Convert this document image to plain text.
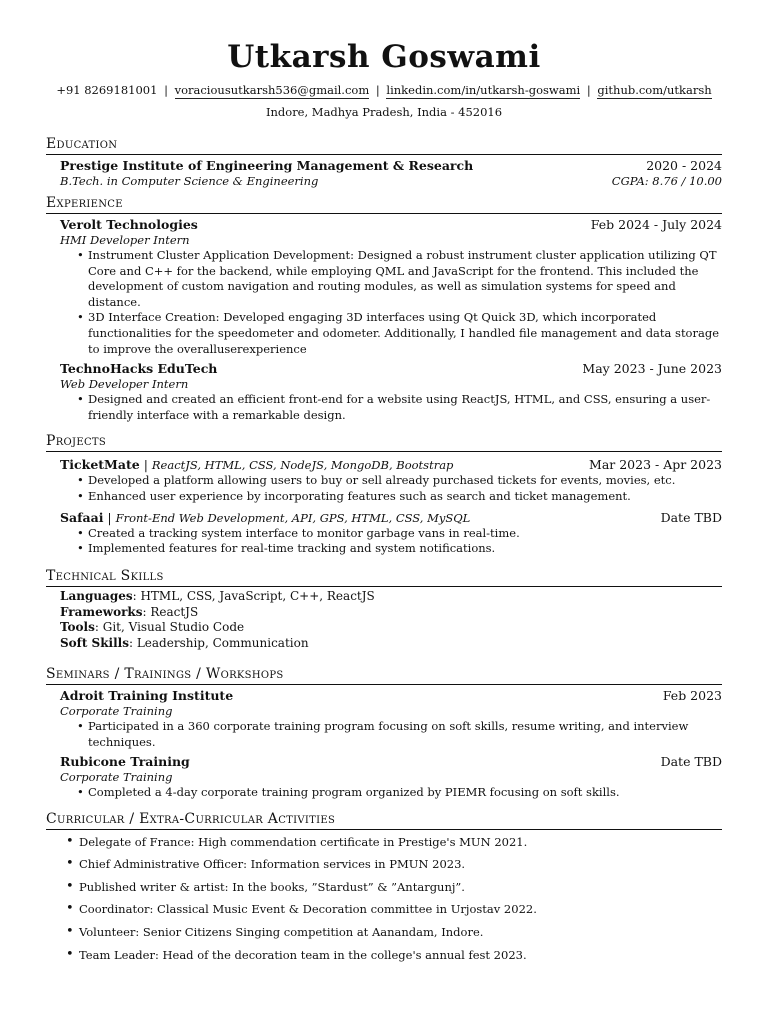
Utkarsh Goswami
+91 8269181001 | voraciousutkarsh536@gmail.com | linkedin.com/in/utkarsh-goswami | github.com/utkarsh
Indore, Madhya Pradesh, India - 452016
Education
Prestige Institute of Engineering Management & Research	2020 - 2024
B.Tech. in Computer Science & Engineering	CGPA: 8.76 / 10.00
Experience
Verolt Technologies	Feb 2024 - July 2024
HMI Developer Intern
• Instrument Cluster Application Development: Designed a robust instrument cluster application utilizing QT Core and C++ for the backend, while employing QML and JavaScript for the frontend. This included the development of custom navigation and routing modules, as well as simulation systems for speed and distance.
• 3D Interface Creation: Developed engaging 3D interfaces using Qt Quick 3D, which incorporated functionalities for the speedometer and odometer. Additionally, I handled file management and data storage to improve the overalluserexperience
TechnoHacks EduTech	May 2023 - June 2023
Web Developer Intern
• Designed and created an efficient front-end for a website using ReactJS, HTML, and CSS, ensuring a user-friendly interface with a remarkable design.
Projects
TicketMate | ReactJS, HTML, CSS, NodeJS, MongoDB, Bootstrap	Mar 2023 - Apr 2023
• Developed a platform allowing users to buy or sell already purchased tickets for events, movies, etc.
• Enhanced user experience by incorporating features such as search and ticket management.
Safaai | Front-End Web Development, API, GPS, HTML, CSS, MySQL	Date TBD
• Created a tracking system interface to monitor garbage vans in real-time.
• Implemented features for real-time tracking and system notifications.
Technical Skills
Languages: HTML, CSS, JavaScript, C++, ReactJS
Frameworks: ReactJS
Tools: Git, Visual Studio Code
Soft Skills: Leadership, Communication
Seminars / Trainings / Workshops
Adroit Training Institute	Feb 2023
Corporate Training
• Participated in a 360 corporate training program focusing on soft skills, resume writing, and interview techniques.
Rubicone Training	Date TBD
Corporate Training
• Completed a 4-day corporate training program organized by PIEMR focusing on soft skills.
Curricular / Extra-Curricular Activities
• Delegate of France: High commendation certificate in Prestige's MUN 2021.
• Chief Administrative Officer: Information services in PMUN 2023.
• Published writer & artist: In the books, ”Stardust” & ”Antargunj”.
• Coordinator: Classical Music Event & Decoration committee in Urjostav 2022.
• Volunteer: Senior Citizens Singing competition at Aanandam, Indore.
• Team Leader: Head of the decoration team in the college's annual fest 2023.
